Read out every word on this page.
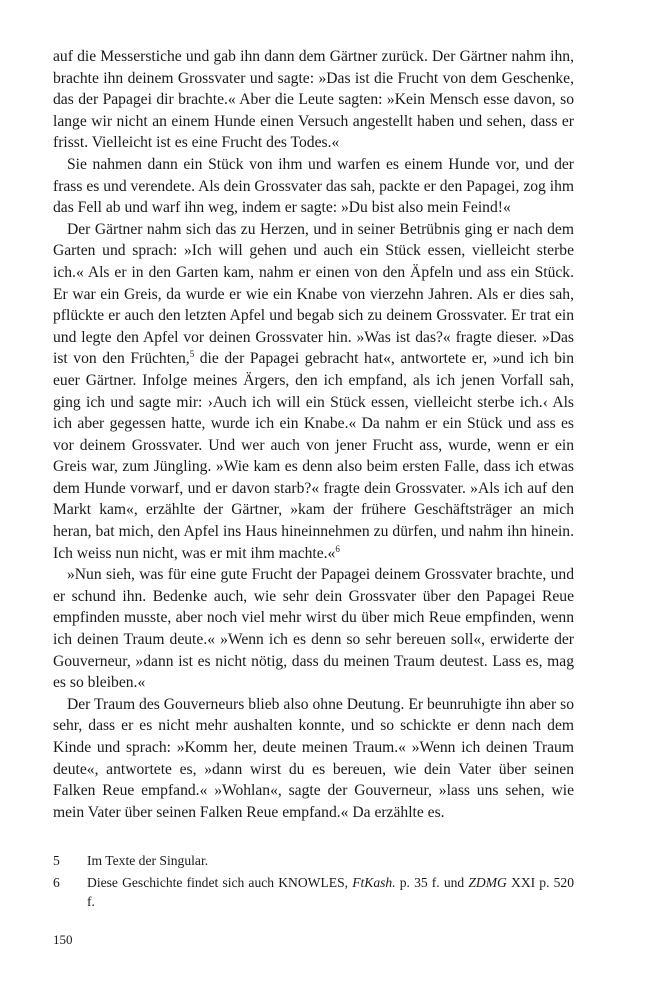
auf die Messerstiche und gab ihn dann dem Gärtner zurück. Der Gärtner nahm ihn, brachte ihn deinem Grossvater und sagte: »Das ist die Frucht von dem Geschenke, das der Papagei dir brachte.« Aber die Leute sagten: »Kein Mensch esse davon, so lange wir nicht an einem Hunde einen Versuch angestellt haben und sehen, dass er frisst. Vielleicht ist es eine Frucht des Todes.«

Sie nahmen dann ein Stück von ihm und warfen es einem Hunde vor, und der frass es und verendete. Als dein Grossvater das sah, packte er den Papagei, zog ihm das Fell ab und warf ihn weg, indem er sagte: »Du bist also mein Feind!«

Der Gärtner nahm sich das zu Herzen, und in seiner Betrübnis ging er nach dem Garten und sprach: »Ich will gehen und auch ein Stück essen, vielleicht sterbe ich.« Als er in den Garten kam, nahm er einen von den Äpfeln und ass ein Stück. Er war ein Greis, da wurde er wie ein Knabe von vierzehn Jahren. Als er dies sah, pflückte er auch den letzten Apfel und begab sich zu deinem Grossvater. Er trat ein und legte den Apfel vor deinen Grossvater hin. »Was ist das?« fragte dieser. »Das ist von den Früchten,$^5$ die der Papagei gebracht hat«, antwortete er, »und ich bin euer Gärtner. Infolge meines Ärgers, den ich empfand, als ich jenen Vorfall sah, ging ich und sagte mir: ›Auch ich will ein Stück essen, vielleicht sterbe ich.‹ Als ich aber gegessen hatte, wurde ich ein Knabe.« Da nahm er ein Stück und ass es vor deinem Grossvater. Und wer auch von jener Frucht ass, wurde, wenn er ein Greis war, zum Jüngling. »Wie kam es denn also beim ersten Falle, dass ich etwas dem Hunde vorwarf, und er davon starb?« fragte dein Grossvater. »Als ich auf den Markt kam«, erzählte der Gärtner, »kam der frühere Geschäftsträger an mich heran, bat mich, den Apfel ins Haus hineinnehmen zu dürfen, und nahm ihn hinein. Ich weiss nun nicht, was er mit ihm machte.«$^6$

»Nun sieh, was für eine gute Frucht der Papagei deinem Grossvater brachte, und er schund ihn. Bedenke auch, wie sehr dein Grossvater über den Papagei Reue empfinden musste, aber noch viel mehr wirst du über mich Reue empfinden, wenn ich deinen Traum deute.« »Wenn ich es denn so sehr bereuen soll«, erwiderte der Gouverneur, »dann ist es nicht nötig, dass du meinen Traum deutest. Lass es, mag es so bleiben.«

Der Traum des Gouverneurs blieb also ohne Deutung. Er beunruhigte ihn aber so sehr, dass er es nicht mehr aushalten konnte, und so schickte er denn nach dem Kinde und sprach: »Komm her, deute meinen Traum.« »Wenn ich deinen Traum deute«, antwortete es, »dann wirst du es bereuen, wie dein Vater über seinen Falken Reue empfand.« »Wohlan«, sagte der Gouverneur, »lass uns sehen, wie mein Vater über seinen Falken Reue empfand.« Da erzählte es.

5	Im Texte der Singular.
6	Diese Geschichte findet sich auch KNOWLES, FtKash. p. 35 f. und ZDMG XXI p. 520 f.
150
